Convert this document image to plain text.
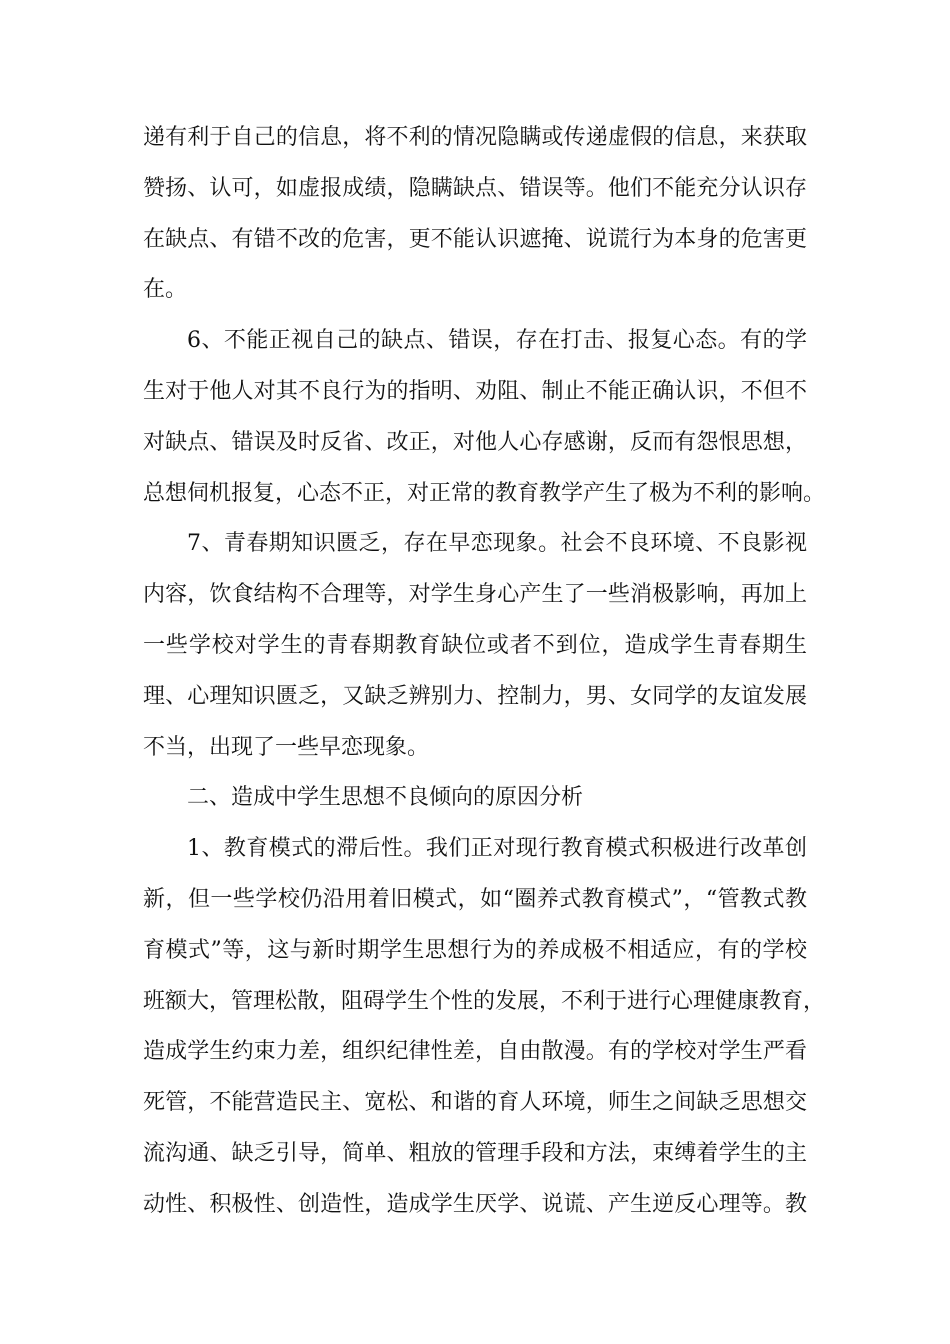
递有利于自己的信息，将不利的情况隐瞒或传递虚假的信息，来获取
赞扬、认可，如虚报成绩，隐瞒缺点、错误等。他们不能充分认识存
在缺点、有错不改的危害，更不能认识遮掩、说谎行为本身的危害更
在。
6、不能正视自己的缺点、错误，存在打击、报复心态。有的学
生对于他人对其不良行为的指明、劝阻、制止不能正确认识，不但不
对缺点、错误及时反省、改正，对他人心存感谢，反而有怨恨思想，
总想伺机报复，心态不正，对正常的教育教学产生了极为不利的影响。
7、青春期知识匮乏，存在早恋现象。社会不良环境、不良影视
内容，饮食结构不合理等，对学生身心产生了一些消极影响，再加上
一些学校对学生的青春期教育缺位或者不到位，造成学生青春期生
理、心理知识匮乏，又缺乏辨别力、控制力，男、女同学的友谊发展
不当，出现了一些早恋现象。
二、造成中学生思想不良倾向的原因分析
1、教育模式的滞后性。我们正对现行教育模式积极进行改革创
新，但一些学校仍沿用着旧模式，如“圈养式教育模式”，“管教式教
育模式”等，这与新时期学生思想行为的养成极不相适应，有的学校
班额大，管理松散，阻碍学生个性的发展，不利于进行心理健康教育，
造成学生约束力差，组织纪律性差，自由散漫。有的学校对学生严看
死管，不能营造民主、宽松、和谐的育人环境，师生之间缺乏思想交
流沟通、缺乏引导，简单、粗放的管理手段和方法，束缚着学生的主
动性、积极性、创造性，造成学生厌学、说谎、产生逆反心理等。教
